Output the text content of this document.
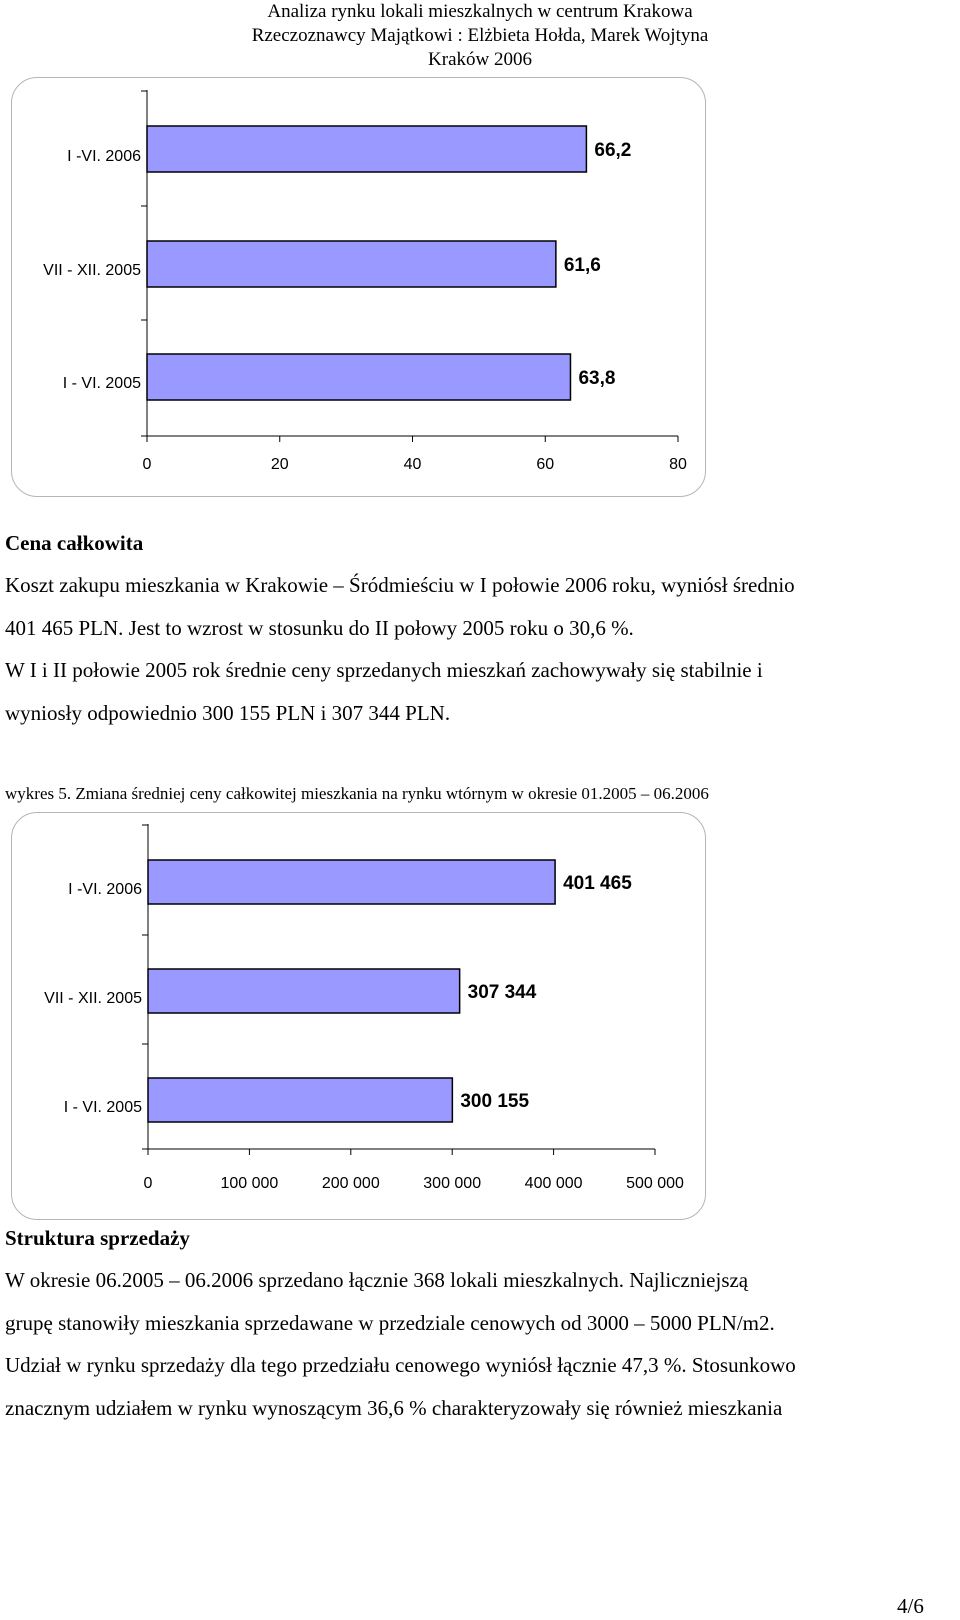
Analiza rynku lokali mieszkalnych w centrum Krakowa
Rzeczoznawcy Majątkowi : Elżbieta Hołda, Marek Wojtyna
Kraków 2006
0	20	40	60	80
66,2
I -VI. 2006
61,6
VII - XII. 2005
63,8
I - VI. 2005
Cena całkowita
Koszt zakupu mieszkania w Krakowie – Śródmieściu w I połowie 2006 roku, wyniósł średnio
401 465 PLN. Jest to wzrost w stosunku do II połowy 2005 roku o 30,6 %.
W I i II połowie 2005 rok średnie ceny sprzedanych mieszkań zachowywały się stabilnie i
wyniosły odpowiednio 300 155 PLN i 307 344 PLN.
wykres 5. Zmiana średniej ceny całkowitej mieszkania na rynku wtórnym w okresie 01.2005 – 06.2006
0	100 000	200 000	300 000	400 000	500 000
401 465
I -VI. 2006
307 344
VII - XII. 2005
300 155
I - VI. 2005
Struktura sprzedaży
W okresie 06.2005 – 06.2006 sprzedano łącznie 368 lokali mieszkalnych. Najliczniejszą
grupę stanowiły mieszkania sprzedawane w przedziale cenowych od 3000 – 5000 PLN/m2.
Udział w rynku sprzedaży dla tego przedziału cenowego wyniósł łącznie 47,3 %. Stosunkowo
znacznym udziałem w rynku wynoszącym 36,6 % charakteryzowały się również mieszkania
4/6
